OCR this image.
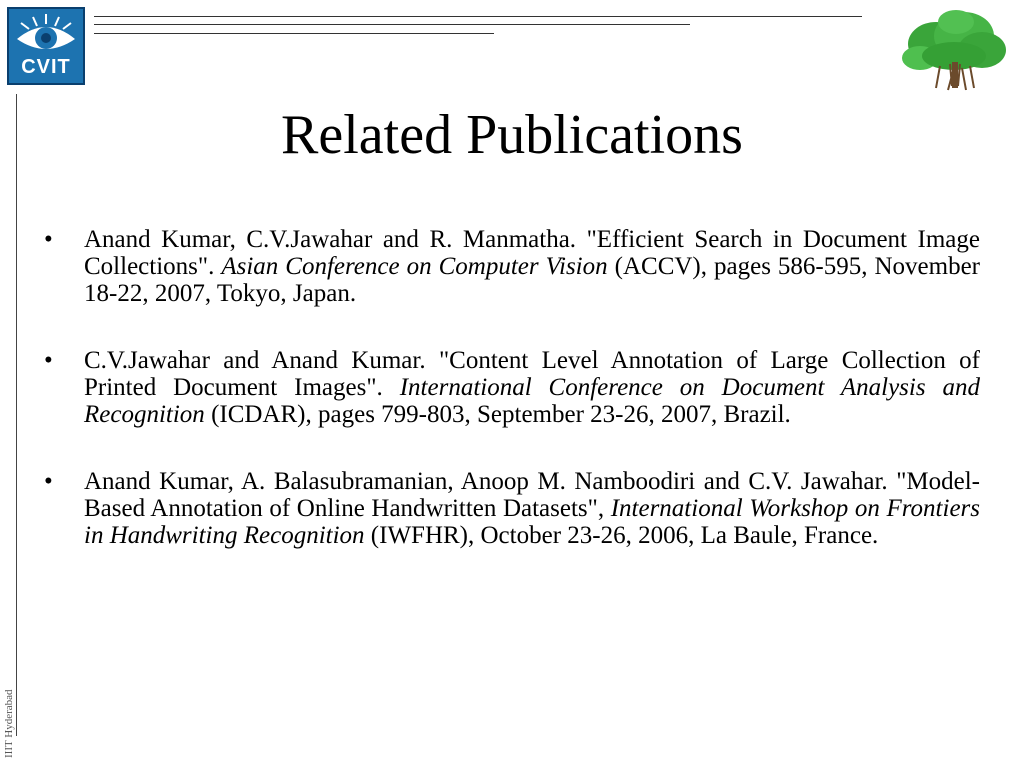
CVIT
Related Publications
• Anand Kumar, C.V.Jawahar and R. Manmatha. "Efficient Search in Document Image Collections". Asian Conference on Computer Vision (ACCV), pages 586-595, November 18-22, 2007, Tokyo, Japan.
• C.V.Jawahar and Anand Kumar. "Content Level Annotation of Large Collection of Printed Document Images". International Conference on Document Analysis and Recognition (ICDAR), pages 799-803, September 23-26, 2007, Brazil.
• Anand Kumar, A. Balasubramanian, Anoop M. Namboodiri and C.V. Jawahar. "Model-Based Annotation of Online Handwritten Datasets", International Workshop on Frontiers in Handwriting Recognition (IWFHR), October 23-26, 2006, La Baule, France.
IIIT Hyderabad
